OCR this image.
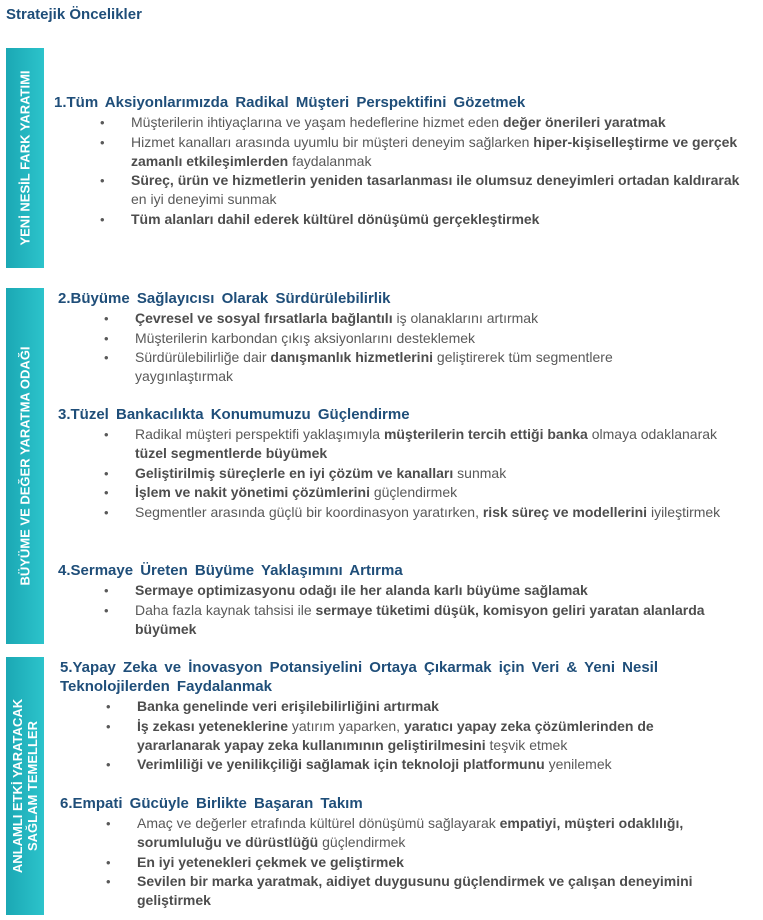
Stratejik Öncelikler
YENİ NESİL FARK YARATIMI
BÜYÜME VE DEĞER YARATMA ODAĞI
ANLAMLI ETKİ YARATACAK SAĞLAM TEMELLER
1.Tüm Aksiyonlarımızda Radikal Müşteri Perspektifini Gözetmek
• Müşterilerin ihtiyaçlarına ve yaşam hedeflerine hizmet eden değer önerileri yaratmak
• Hizmet kanalları arasında uyumlu bir müşteri deneyim sağlarken hiper-kişiselleştirme ve gerçek zamanlı etkileşimlerden faydalanmak
• Süreç, ürün ve hizmetlerin yeniden tasarlanması ile olumsuz deneyimleri ortadan kaldırarak en iyi deneyimi sunmak
• Tüm alanları dahil ederek kültürel dönüşümü gerçekleştirmek
2.Büyüme Sağlayıcısı Olarak Sürdürülebilirlik
• Çevresel ve sosyal fırsatlarla bağlantılı iş olanaklarını artırmak
• Müşterilerin karbondan çıkış aksiyonlarını desteklemek
• Sürdürülebilirliğe dair danışmanlık hizmetlerini geliştirerek tüm segmentlere yaygınlaştırmak
3.Tüzel Bankacılıkta Konumumuzu Güçlendirme
• Radikal müşteri perspektifi yaklaşımıyla müşterilerin tercih ettiği banka olmaya odaklanarak tüzel segmentlerde büyümek
• Geliştirilmiş süreçlerle en iyi çözüm ve kanalları sunmak
• İşlem ve nakit yönetimi çözümlerini güçlendirmek
• Segmentler arasında güçlü bir koordinasyon yaratırken, risk süreç ve modellerini iyileştirmek
4.Sermaye Üreten Büyüme Yaklaşımını Artırma
• Sermaye optimizasyonu odağı ile her alanda karlı büyüme sağlamak
• Daha fazla kaynak tahsisi ile sermaye tüketimi düşük, komisyon geliri yaratan alanlarda büyümek
5.Yapay Zeka ve İnovasyon Potansiyelini Ortaya Çıkarmak için Veri & Yeni Nesil Teknolojilerden Faydalanmak
• Banka genelinde veri erişilebilirliğini artırmak
• İş zekası yeteneklerine yatırım yaparken, yaratıcı yapay zeka çözümlerinden de yararlanarak yapay zeka kullanımının geliştirilmesini teşvik etmek
• Verimliliği ve yenilikçiliği sağlamak için teknoloji platformunu yenilemek
6.Empati Gücüyle Birlikte Başaran Takım
• Amaç ve değerler etrafında kültürel dönüşümü sağlayarak empatiyi, müşteri odaklılığı, sorumluluğu ve dürüstlüğü güçlendirmek
• En iyi yetenekleri çekmek ve geliştirmek
• Sevilen bir marka yaratmak, aidiyet duygusunu güçlendirmek ve çalışan deneyimini geliştirmek
